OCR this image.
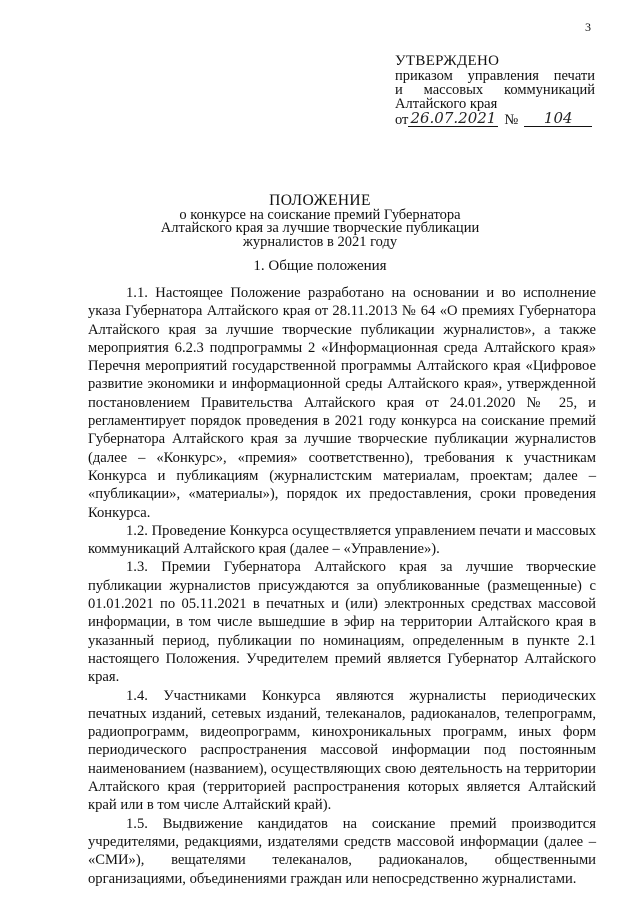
3
УТВЕРЖДЕНО
приказом управления печати
и массовых коммуникаций
Алтайского края
от 26.07.2021 №	104
ПОЛОЖЕНИЕ
о конкурсе на соискание премий Губернатора
Алтайского края за лучшие творческие публикации
журналистов в 2021 году
1. Общие положения

1.1. Настоящее Положение разработано на основании и во исполнение указа Губернатора Алтайского края от 28.11.2013 № 64 «О премиях Губернатора Алтайского края за лучшие творческие публикации журналистов», а также мероприятия 6.2.3 подпрограммы 2 «Информационная среда Алтайского края» Перечня мероприятий государственной программы Алтайского края «Цифровое развитие экономики и информационной среды Алтайского края», утвержденной постановлением Правительства Алтайского края от 24.01.2020 № 25, и регламентирует порядок проведения в 2021 году конкурса на соискание премий Губернатора Алтайского края за лучшие творческие публикации журналистов (далее – «Конкурс», «премия» соответственно), требования к участникам Конкурса и публикациям (журналистским материалам, проектам; далее – «публикации», «материалы»), порядок их предоставления, сроки проведения Конкурса.

1.2. Проведение Конкурса осуществляется управлением печати и массовых коммуникаций Алтайского края (далее – «Управление»).

1.3. Премии Губернатора Алтайского края за лучшие творческие публикации журналистов присуждаются за опубликованные (размещенные) с 01.01.2021 по 05.11.2021 в печатных и (или) электронных средствах массовой информации, в том числе вышедшие в эфир на территории Алтайского края в указанный период, публикации по номинациям, определенным в пункте 2.1 настоящего Положения. Учредителем премий является Губернатор Алтайского края.

1.4. Участниками Конкурса являются журналисты периодических печатных изданий, сетевых изданий, телеканалов, радиоканалов, телепрограмм, радиопрограмм, видеопрограмм, кинохроникальных программ, иных форм периодического распространения массовой информации под постоянным наименованием (названием), осуществляющих свою деятельность на территории Алтайского края (территорией распространения которых является Алтайский край или в том числе Алтайский край).

1.5. Выдвижение кандидатов на соискание премий производится учредителями, редакциями, издателями средств массовой информации (далее – «СМИ»), вещателями телеканалов, радиоканалов, общественными организациями, объединениями граждан или непосредственно журналистами.
